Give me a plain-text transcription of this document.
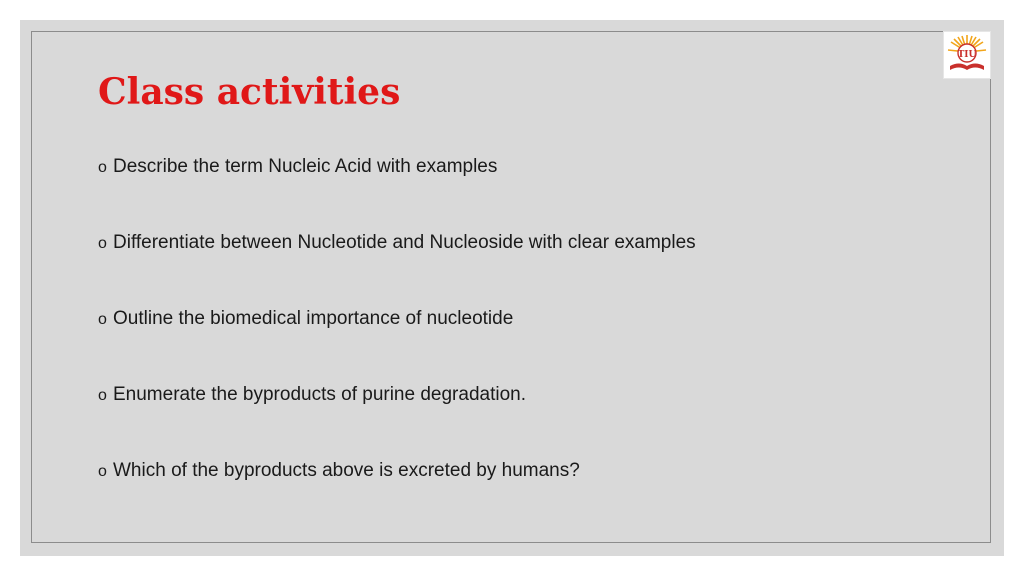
Class activities
o Describe the term Nucleic Acid with examples
o Differentiate between Nucleotide and Nucleoside with clear examples
o Outline the biomedical importance of nucleotide
o Enumerate the byproducts of purine degradation.
o Which of the byproducts above is excreted by humans?
TIU
